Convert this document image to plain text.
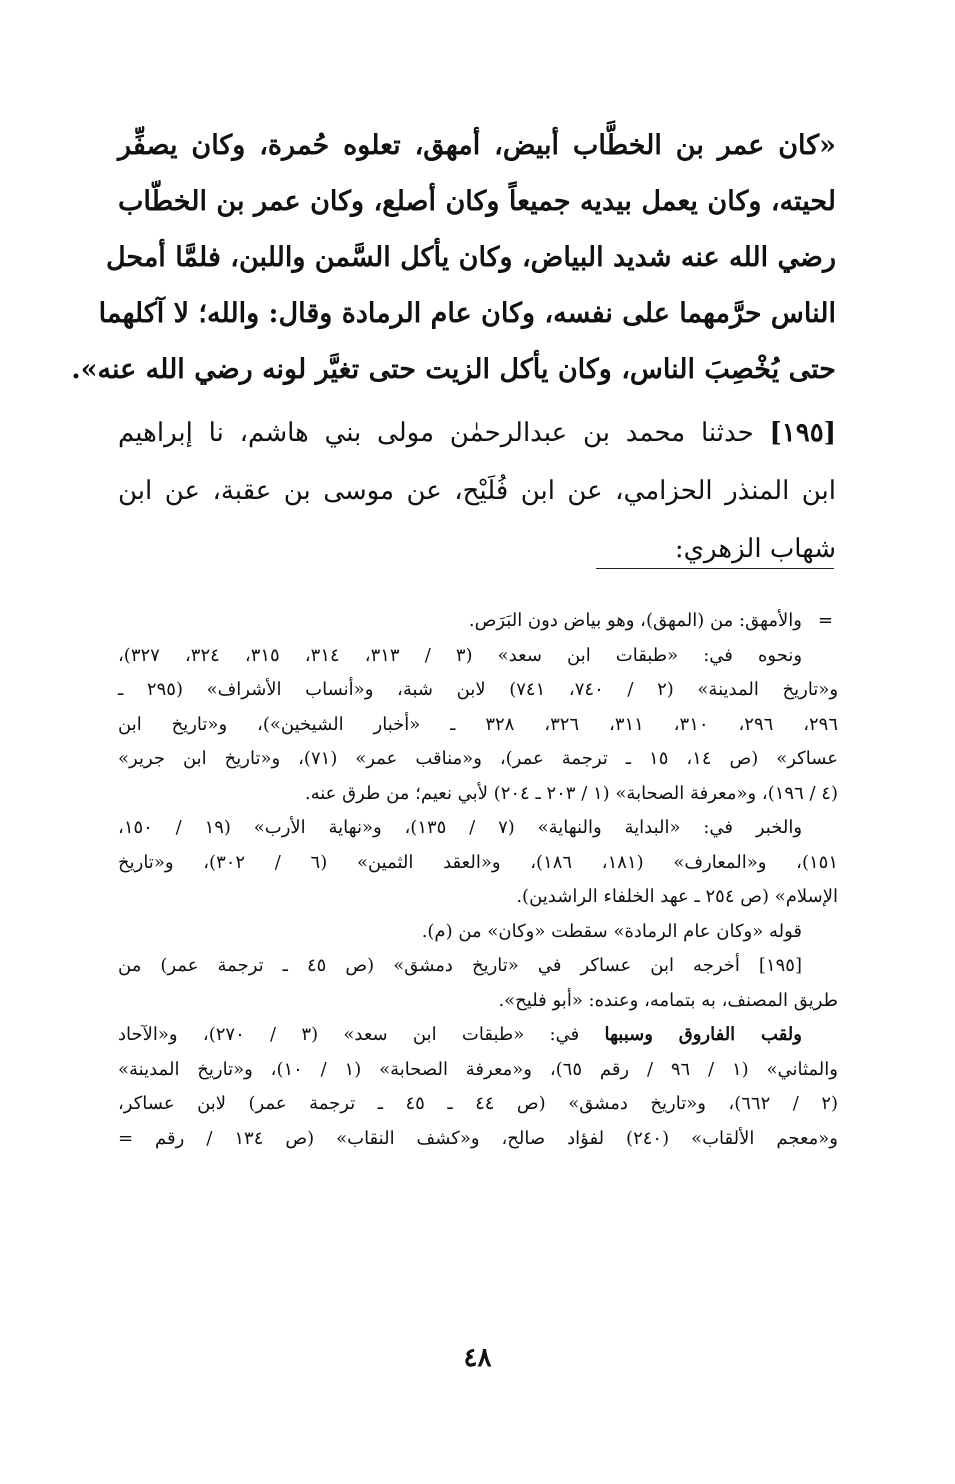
«كان عمر بن الخطَّاب أبيض، أمهق، تعلوه حُمرة، وكان يصفِّر
لحيته، وكان يعمل بيديه جميعاً وكان أصلع، وكان عمر بن الخطّاب
رضي الله عنه شديد البياض، وكان يأكل السَّمن واللبن، فلمَّا أمحل
الناس حرَّمهما على نفسه، وكان عام الرمادة وقال: والله؛ لا آكلهما
حتى يُخْصِبَ الناس، وكان يأكل الزيت حتى تغيَّر لونه رضي الله عنه».
[١٩٥] حدثنا محمد بن عبدالرحمٰن مولى بني هاشم، نا إبراهيم
ابن المنذر الحزامي، عن ابن فُلَيْح، عن موسى بن عقبة، عن ابن
شهاب الزهري:
=
والأمهق: من (المهق)، وهو بياض دون البَرَص.
ونحوه في: «طبقات ابن سعد» (٣ / ٣١٣، ٣١٤، ٣١٥، ٣٢٤، ٣٢٧)،
و«تاريخ المدينة» (٢ / ٧٤٠، ٧٤١) لابن شبة، و«أنساب الأشراف» (٢٩٥ ـ
٢٩٦، ٢٩٦، ٣١٠، ٣١١، ٣٢٦، ٣٢٨ ـ «أخبار الشيخين»)، و«تاريخ ابن
عساكر» (ص ١٤، ١٥ ـ ترجمة عمر)، و«مناقب عمر» (٧١)، و«تاريخ ابن جرير»
(٤ / ١٩٦)، و«معرفة الصحابة» (١ / ٢٠٣ ـ ٢٠٤) لأبي نعيم؛ من طرق عنه.
والخبر في: «البداية والنهاية» (٧ / ١٣٥)، و«نهاية الأرب» (١٩ / ١٥٠،
١٥١)، و«المعارف» (١٨١، ١٨٦)، و«العقد الثمين» (٦ / ٣٠٢)، و«تاريخ
الإسلام» (ص ٢٥٤ ـ عهد الخلفاء الراشدين).
قوله «وكان عام الرمادة» سقطت «وكان» من (م).
[١٩٥] أخرجه ابن عساكر في «تاريخ دمشق» (ص ٤٥ ـ ترجمة عمر) من
طريق المصنف، به بتمامه، وعنده: «أبو فليح».
ولقب الفاروق وسببها في: «طبقات ابن سعد» (٣ / ٢٧٠)، و«الآحاد
والمثاني» (١ / ٩٦ / رقم ٦٥)، و«معرفة الصحابة» (١ / ١٠)، و«تاريخ المدينة»
(٢ / ٦٦٢)، و«تاريخ دمشق» (ص ٤٤ ـ ٤٥ ـ ترجمة عمر) لابن عساكر،
و«معجم الألقاب» (٢٤٠) لفؤاد صالح، و«كشف النقاب» (ص ١٣٤ / رقم =
٤٨
